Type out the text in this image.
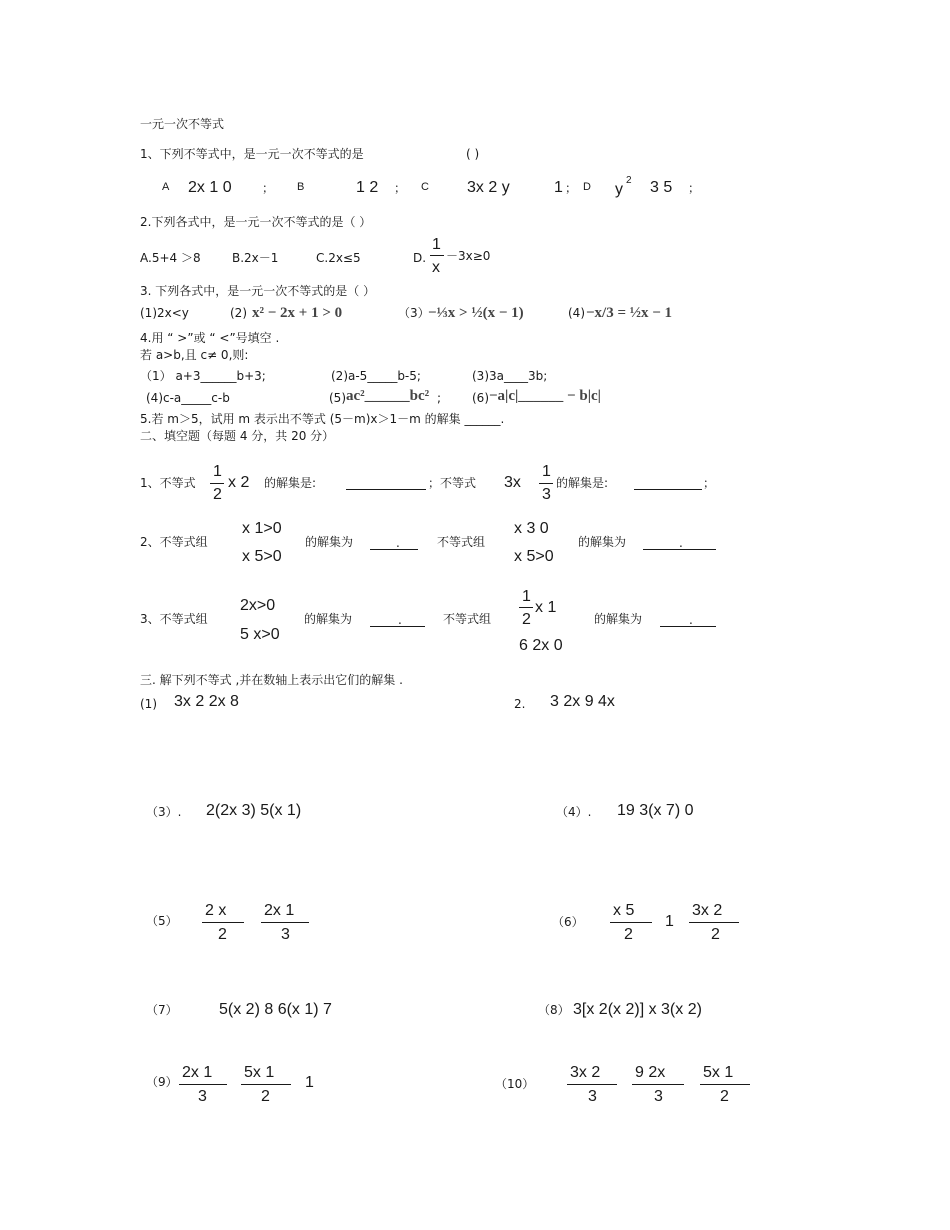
一元一次不等式
1、下列不等式中，是一元一次不等式的是	( )
A 2x 1 0	； B	1 2 ； C 3x 2 y	1 ； D y
2 3 5 ；
2.下列各式中，是一元一次不等式的是（ ）
A.5+4 ＞8	B.2x－1	C.2x≤5	D.
1
x
－3x≥0
3. 下列各式中，是一元一次不等式的是（ ）
(1)2x<y	(2) x² − 2x + 1 > 0	（3）
−⅓x > ½(x − 1)	(4) −x/3 = ½x − 1
4.用 “ >”或 “ <”号填空 .
若 a>b,且 c≠ 0,则:
（1） a+3______b+3;	(2)a-5_____b-5;	(3)3a____3b;
(4)c-a_____c-b	(5) ac²______bc² ;	(6) −a|c|______ − b|c|
5.若 m＞5，试用 m 表示出不等式 (5－m)x＞1－m 的解集 ______.
二、填空题（每题 4 分，共 20 分）
1、不等式
1
2
x 2 的解集是:	；不等式 3x
1
3
的解集是:	；
2、不等式组
x 1>0
x 5>0
的解集为	.	不等式组
x 3 0
x 5>0
的解集为	.
3、不等式组
2x>0
5 x>0
的解集为	.	不等式组
1
2
x 1
6 2x 0
的解集为	.
三. 解下列不等式 ,并在数轴上表示出它们的解集 .
(1) 3x 2 2x 8	2. 3 2x 9 4x
（3）. 2(2x 3) 5(x 1)	（4）. 19 3(x 7) 0
（5）
2 x
2
2x 1
3
（6）
x 5
2
1
3x 2
2
（7）	5(x 2) 8 6(x 1) 7	（8） 3[x 2(x 2)] x 3(x 2)
（9）
2x 1
3
5x 1
2
1	（10）
3x 2
3
9 2x
3
5x 1
2
